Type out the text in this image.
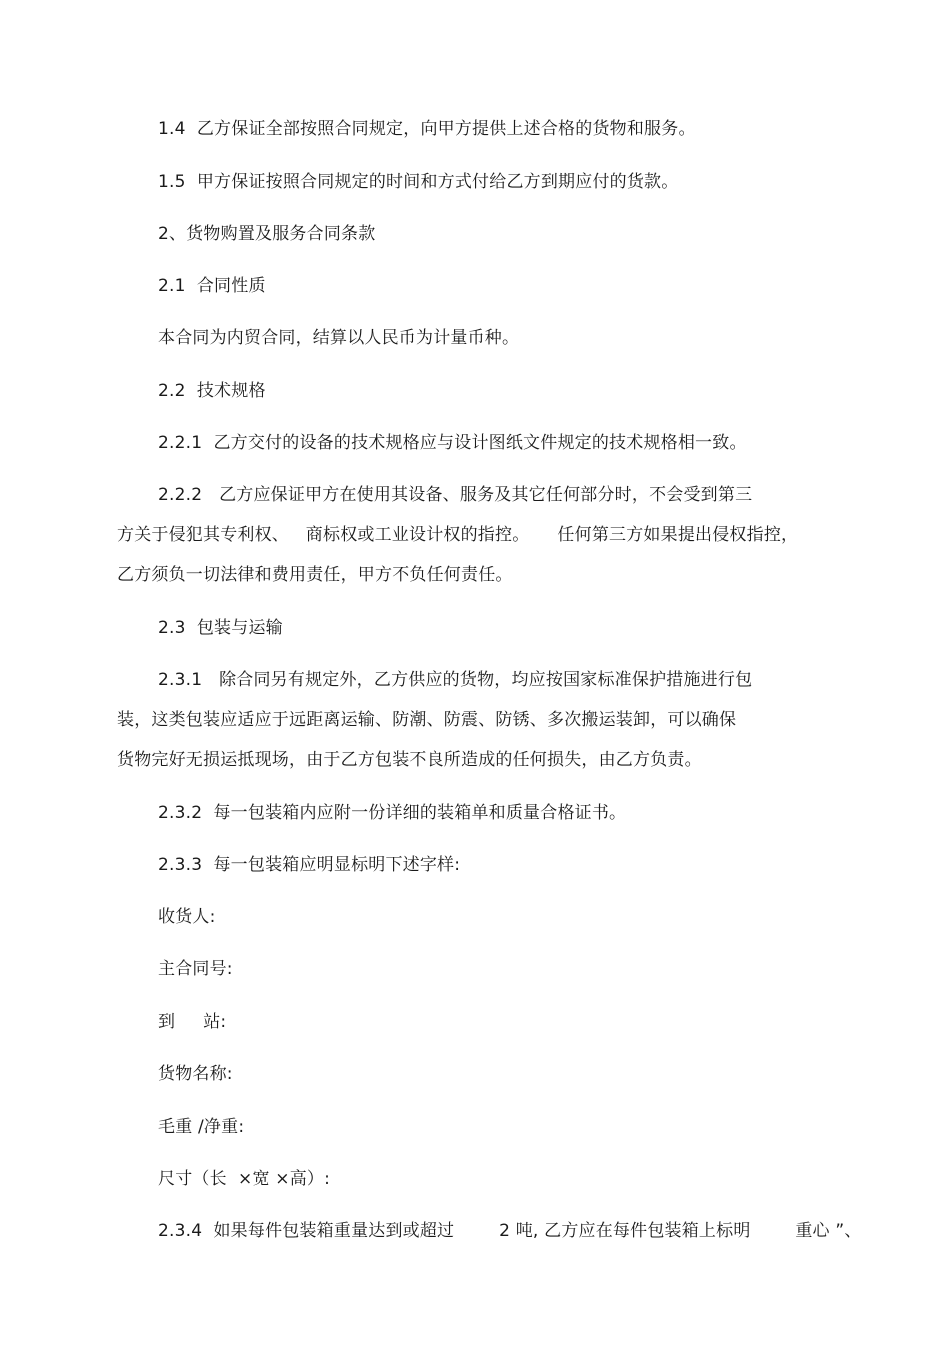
1.4  乙方保证全部按照合同规定，向甲方提供上述合格的货物和服务。
1.5  甲方保证按照合同规定的时间和方式付给乙方到期应付的货款。
2、货物购置及服务合同条款
2.1  合同性质
本合同为内贸合同，结算以人民币为计量币种。
2.2  技术规格
2.2.1  乙方交付的设备的技术规格应与设计图纸文件规定的技术规格相一致。
2.2.2   乙方应保证甲方在使用其设备、服务及其它任何部分时，不会受到第三
方关于侵犯其专利权、   商标权或工业设计权的指控。     任何第三方如果提出侵权指控，
乙方须负一切法律和费用责任，甲方不负任何责任。
2.3  包装与运输
2.3.1   除合同另有规定外，乙方供应的货物，均应按国家标准保护措施进行包
装，这类包装应适应于远距离运输、防潮、防震、防锈、多次搬运装卸，可以确保
货物完好无损运抵现场，由于乙方包装不良所造成的任何损失，由乙方负责。
2.3.2  每一包装箱内应附一份详细的装箱单和质量合格证书。
2.3.3  每一包装箱应明显标明下述字样:
收货人:
主合同号:
到     站:
货物名称:
毛重 /净重:
尺寸（长  ×宽 ×高）:
2.3.4  如果每件包装箱重量达到或超过        2 吨, 乙方应在每件包装箱上标明        重心 ”、
